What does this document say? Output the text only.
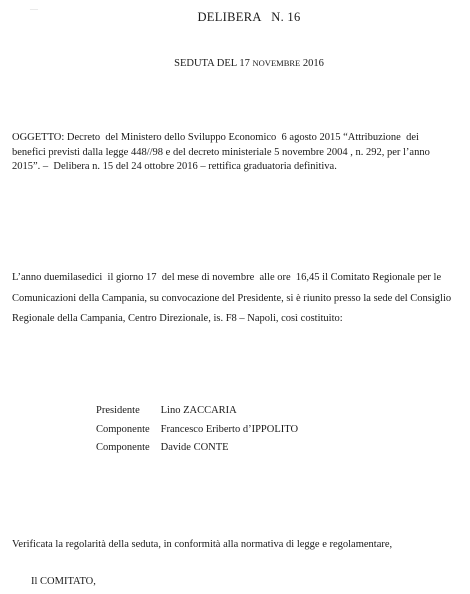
—
DELIBERA   N. 16
SEDUTA DEL 17 NOVEMBRE 2016
OGGETTO: Decreto  del Ministero dello Sviluppo Economico  6 agosto 2015 “Attribuzione  dei
benefici previsti dalla legge 448//98 e del decreto ministeriale 5 novembre 2004 , n. 292, per l’anno
2015”. –  Delibera n. 15 del 24 ottobre 2016 – rettifica graduatoria definitiva.
L’anno duemilasedici  il giorno 17  del mese di novembre  alle ore  16,45 il Comitato Regionale per le
Comunicazioni della Campania, su convocazione del Presidente, si è riunito presso la sede del Consiglio
Regionale della Campania, Centro Direzionale, is. F8 – Napoli, così costituito:
Presidente Lino ZACCARIA
Componente Francesco Eriberto d’IPPOLITO
Componente Davide CONTE
Verificata la regolarità della seduta, in conformità alla normativa di legge e regolamentare,
Il COMITATO,
